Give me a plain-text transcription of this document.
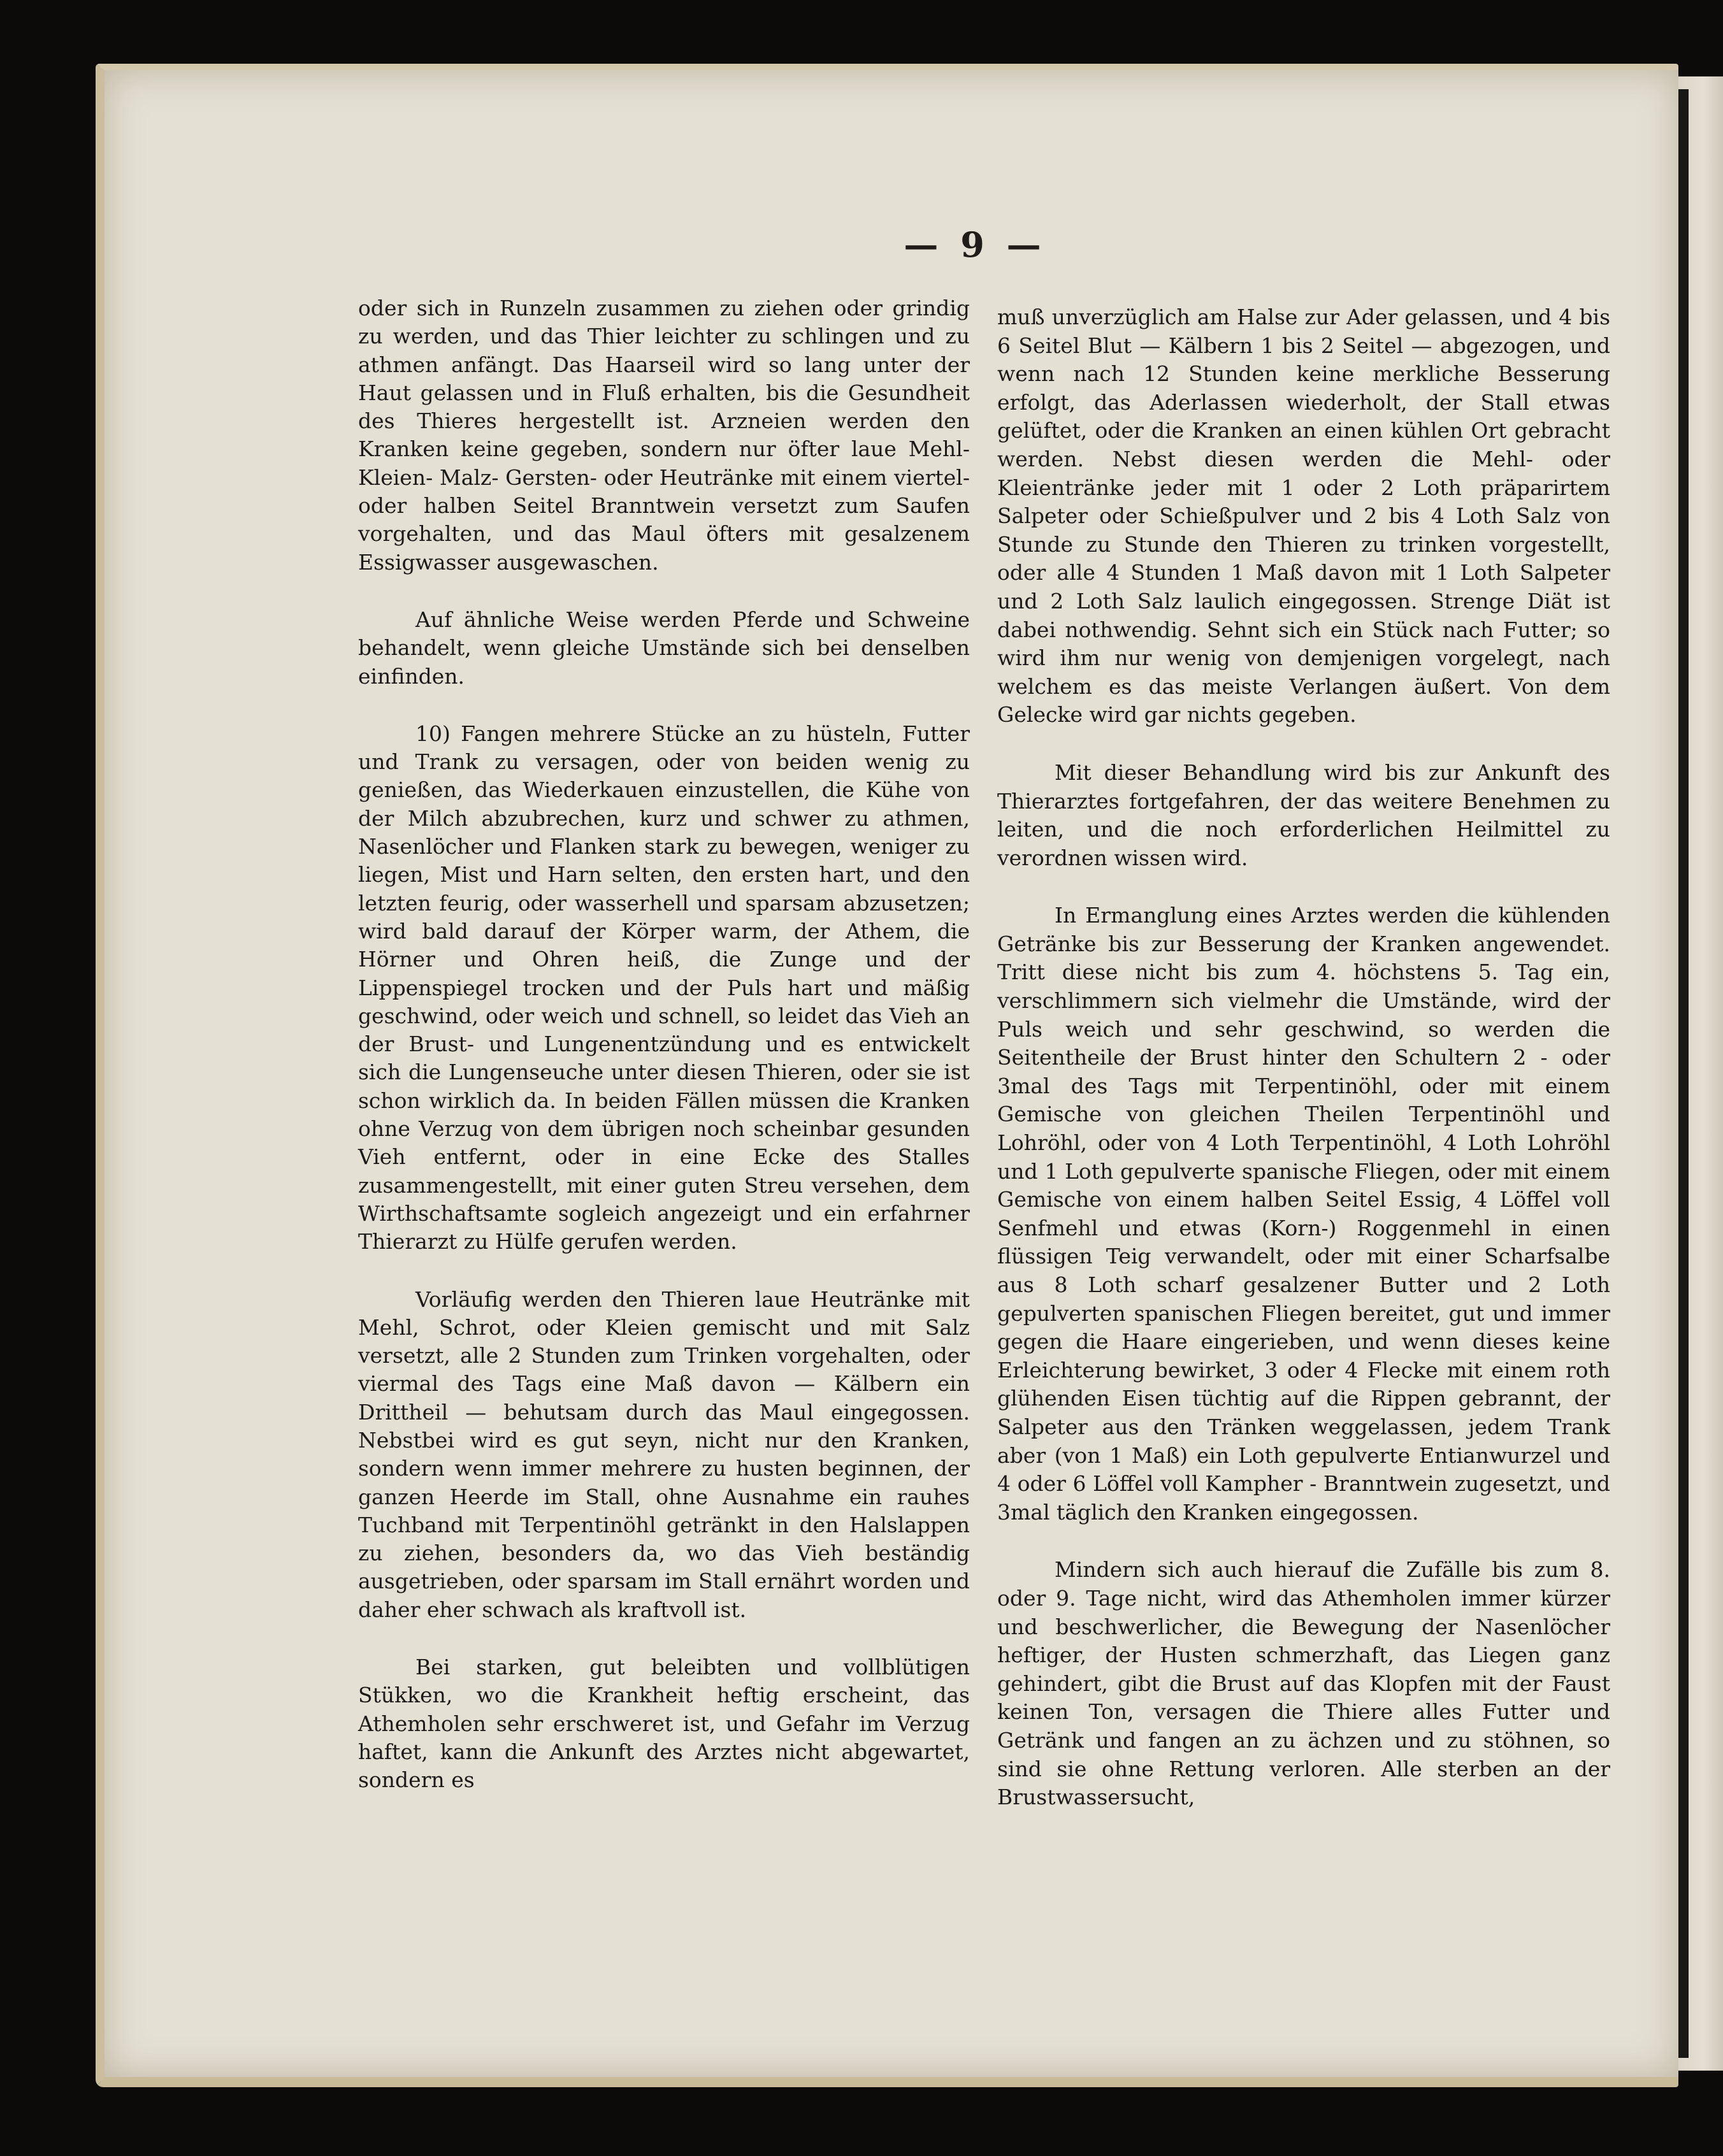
— 9 —

oder sich in Runzeln zusammen zu ziehen oder grindig zu werden, und das Thier leichter zu schlingen und zu athmen anfängt. Das Haarseil wird so lang unter der Haut gelassen und in Fluß erhalten, bis die Gesundheit des Thieres hergestellt ist. Arzneien werden den Kranken keine gegeben, sondern nur öfter laue Mehl- Kleien- Malz- Gersten- oder Heutränke mit einem viertel- oder halben Seitel Branntwein versetzt zum Saufen vorgehalten, und das Maul öfters mit gesalzenem Essigwasser ausgewaschen.

Auf ähnliche Weise werden Pferde und Schweine behandelt, wenn gleiche Umstände sich bei denselben einfinden.

10) Fangen mehrere Stücke an zu hüsteln, Futter und Trank zu versagen, oder von beiden wenig zu genießen, das Wiederkauen einzustellen, die Kühe von der Milch abzubrechen, kurz und schwer zu athmen, Nasenlöcher und Flanken stark zu bewegen, weniger zu liegen, Mist und Harn selten, den ersten hart, und den letzten feurig, oder wasserhell und sparsam abzusetzen; wird bald darauf der Körper warm, der Athem, die Hörner und Ohren heiß, die Zunge und der Lippenspiegel trocken und der Puls hart und mäßig geschwind, oder weich und schnell, so leidet das Vieh an der Brust- und Lungenentzündung und es entwickelt sich die Lungenseuche unter diesen Thieren, oder sie ist schon wirklich da. In beiden Fällen müssen die Kranken ohne Verzug von dem übrigen noch scheinbar gesunden Vieh entfernt, oder in eine Ecke des Stalles zusammengestellt, mit einer guten Streu versehen, dem Wirthschaftsamte sogleich angezeigt und ein erfahrner Thierarzt zu Hülfe gerufen werden.

Vorläufig werden den Thieren laue Heutränke mit Mehl, Schrot, oder Kleien gemischt und mit Salz versetzt, alle 2 Stunden zum Trinken vorgehalten, oder viermal des Tags eine Maß davon — Kälbern ein Drittheil — behutsam durch das Maul eingegossen. Nebstbei wird es gut seyn, nicht nur den Kranken, sondern wenn immer mehrere zu husten beginnen, der ganzen Heerde im Stall, ohne Ausnahme ein rauhes Tuchband mit Terpentinöhl getränkt in den Halslappen zu ziehen, besonders da, wo das Vieh beständig ausgetrieben, oder sparsam im Stall ernährt worden und daher eher schwach als kraftvoll ist.

Bei starken, gut beleibten und vollblütigen Stükken, wo die Krankheit heftig erscheint, das Athemholen sehr erschweret ist, und Gefahr im Verzug haftet, kann die Ankunft des Arztes nicht abgewartet, sondern es

muß unverzüglich am Halse zur Ader gelassen, und 4 bis 6 Seitel Blut — Kälbern 1 bis 2 Seitel — abgezogen, und wenn nach 12 Stunden keine merkliche Besserung erfolgt, das Aderlassen wiederholt, der Stall etwas gelüftet, oder die Kranken an einen kühlen Ort gebracht werden. Nebst diesen werden die Mehl- oder Kleientränke jeder mit 1 oder 2 Loth präparirtem Salpeter oder Schießpulver und 2 bis 4 Loth Salz von Stunde zu Stunde den Thieren zu trinken vorgestellt, oder alle 4 Stunden 1 Maß davon mit 1 Loth Salpeter und 2 Loth Salz laulich eingegossen. Strenge Diät ist dabei nothwendig. Sehnt sich ein Stück nach Futter; so wird ihm nur wenig von demjenigen vorgelegt, nach welchem es das meiste Verlangen äußert. Von dem Gelecke wird gar nichts gegeben.

Mit dieser Behandlung wird bis zur Ankunft des Thierarztes fortgefahren, der das weitere Benehmen zu leiten, und die noch erforderlichen Heilmittel zu verordnen wissen wird.

In Ermanglung eines Arztes werden die kühlenden Getränke bis zur Besserung der Kranken angewendet. Tritt diese nicht bis zum 4. höchstens 5. Tag ein, verschlimmern sich vielmehr die Umstände, wird der Puls weich und sehr geschwind, so werden die Seitentheile der Brust hinter den Schultern 2 - oder 3mal des Tags mit Terpentinöhl, oder mit einem Gemische von gleichen Theilen Terpentinöhl und Lohröhl, oder von 4 Loth Terpentinöhl, 4 Loth Lohröhl und 1 Loth gepulverte spanische Fliegen, oder mit einem Gemische von einem halben Seitel Essig, 4 Löffel voll Senfmehl und etwas (Korn-) Roggenmehl in einen flüssigen Teig verwandelt, oder mit einer Scharfsalbe aus 8 Loth scharf gesalzener Butter und 2 Loth gepulverten spanischen Fliegen bereitet, gut und immer gegen die Haare eingerieben, und wenn dieses keine Erleichterung bewirket, 3 oder 4 Flecke mit einem roth glühenden Eisen tüchtig auf die Rippen gebrannt, der Salpeter aus den Tränken weggelassen, jedem Trank aber (von 1 Maß) ein Loth gepulverte Entianwurzel und 4 oder 6 Löffel voll Kampher - Branntwein zugesetzt, und 3mal täglich den Kranken eingegossen.

Mindern sich auch hierauf die Zufälle bis zum 8. oder 9. Tage nicht, wird das Athemholen immer kürzer und beschwerlicher, die Bewegung der Nasenlöcher heftiger, der Husten schmerzhaft, das Liegen ganz gehindert, gibt die Brust auf das Klopfen mit der Faust keinen Ton, versagen die Thiere alles Futter und Getränk und fangen an zu ächzen und zu stöhnen, so sind sie ohne Rettung verloren. Alle sterben an der Brustwassersucht,
